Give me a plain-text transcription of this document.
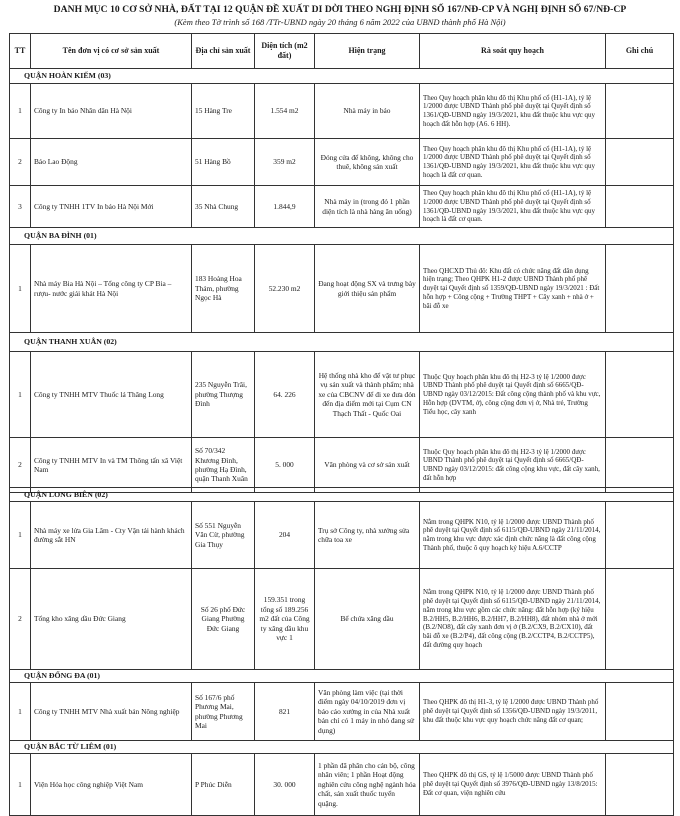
DANH MỤC 10 CƠ SỞ NHÀ, ĐẤT TẠI 12 QUẬN ĐỀ XUẤT DI DỜI THEO NGHỊ ĐỊNH SỐ 167/NĐ-CP VÀ NGHỊ ĐỊNH SỐ 67/NĐ-CP
(Kèm theo Tờ trình số 168 /TTr-UBND ngày 20 tháng 6 năm 2022 của UBND thành phố Hà Nội)
TT	Tên đơn vị có cơ sở sản xuất	Địa chỉ sản xuất	Diện tích (m2 đất)	Hiện trạng	Rà soát quy hoạch	Ghi chú
QUẬN HOÀN KIẾM (03)						
1	Công ty In báo Nhân dân Hà Nội	15 Hàng Tre	1.554 m2	Nhà máy in báo	Theo Quy hoạch phân khu đô thị Khu phố cổ (H1-1A), tỷ lệ 1/2000 được UBND Thành phố phê duyệt tại Quyết định số 1361/QĐ-UBND ngày 19/3/2021, khu đất thuộc khu vực quy hoạch đất hỗn hợp (A6. 6 HH).	
2	Báo Lao Động	51 Hàng Bồ	359 m2	Đóng cửa để không, không cho thuê, không sản xuất	Theo Quy hoạch phân khu đô thị Khu phố cổ (H1-1A), tỷ lệ 1/2000 được UBND Thành phố phê duyệt tại Quyết định số 1361/QĐ-UBND ngày 19/3/2021, khu đất thuộc khu vực quy hoạch là đất cơ quan.	
3	Công ty TNHH 1TV In báo Hà Nội Mới	35 Nhà Chung	1.844,9	Nhà máy in (trong đó 1 phần diện tích là nhà hàng ăn uống)	Theo Quy hoạch phân khu đô thị Khu phố cổ (H1-1A), tỷ lệ 1/2000 được UBND Thành phố phê duyệt tại Quyết định số 1361/QĐ-UBND ngày 19/3/2021, khu đất thuộc khu vực quy hoạch là đất cơ quan.	
QUẬN BA ĐÌNH (01)						
1	Nhà máy Bia Hà Nội – Tổng công ty CP Bia – rượu- nước giải khát Hà Nội	183 Hoàng Hoa Thám, phường Ngọc Hà	52.230 m2	Đang hoạt động SX và trưng bày giới thiệu sản phẩm	Theo QHCXD Thủ đô: Khu đất có chức năng đất dân dụng hiện trạng; Theo QHPK H1-2 được UBND Thành phố phê duyệt tại Quyết định số 1359/QĐ-UBND ngày 19/3/2021 : Đất hỗn hợp + Công cộng + Trường THPT + Cây xanh + nhà ở + bãi đỗ xe	
QUẬN THANH XUÂN (02)						
1	Công ty TNHH MTV Thuốc lá Thăng Long	235 Nguyễn Trãi, phường Thượng Đình	64. 226	Hệ thống nhà kho để vật tư phục vụ sản xuất và thành phẩm; nhà xe của CBCNV để đi xe đưa đón đến địa điểm mới tại Cụm CN Thạch Thất - Quốc Oai	Thuộc Quy hoạch phân khu đô thị H2-3 tỷ lệ 1/2000 được UBND Thành phố phê duyệt tại Quyết định số 6665/QĐ-UBND ngày 03/12/2015: Đất công cộng thành phố và khu vực, Hỗn hợp (DVTM, ở), công cộng đơn vị ở, Nhà trẻ, Trường Tiểu học, cây xanh	
2	Công ty TNHH MTV In và TM Thông tấn xã Việt Nam	Số 70/342 Khương Đình, phường Hạ Đình, quận Thanh Xuân	5. 000	Văn phòng và cơ sở sản xuất	Thuộc Quy hoạch phân khu đô thị H2-3 tỷ lệ 1/2000 được UBND Thành phố phê duyệt tại Quyết định số 6665/QĐ-UBND ngày 03/12/2015: đất công cộng khu vực, đất cây xanh, đất hỗn hợp	
QUẬN LONG BIÊN (02)						
1	Nhà máy xe lửa Gia Lâm - Cty Vận tải hành khách đường sắt HN	Số 551 Nguyễn Văn Cừ, phường Gia Thụy	204	Trụ sở Công ty, nhà xưởng sửa chữa toa xe	Nằm trong QHPK N10, tỷ lệ 1/2000 được UBND Thành phố phê duyệt tại Quyết định số 6115/QĐ-UBND ngày 21/11/2014, nằm trong khu vực được xác định chức năng là đất công cộng Thành phố, thuộc ô quy hoạch ký hiệu A.6/CCTP	
2	Tổng kho xăng dầu Đức Giang	Số 26 phố Đức Giang Phường Đức Giang	159.351 trong tổng số 189.256 m2 đất của Công ty xăng dầu khu vực 1	Bể chứa xăng dầu	Nằm trong QHPK N10, tỷ lệ 1/2000 được UBND Thành phố phê duyệt tại Quyết định số 6115/QĐ-UBND ngày 21/11/2014, nằm trong khu vực gồm các chức năng: đất hỗn hợp (ký hiệu B.2/HH5, B.2/HH6, B.2/HH7, B.2/HH8), đất nhóm nhà ở mới (B.2/NO8), đất cây xanh đơn vị ở (B.2/CX9, B.2/CX10), đất bãi đỗ xe (B.2/P4), đất công cộng (B.2/CCTP4, B.2/CCTP5), đất đường quy hoạch	
QUẬN ĐỐNG ĐA (01)						
1	Công ty TNHH MTV Nhà xuất bản Nông nghiệp	Số 167/6 phố Phương Mai, phường Phương Mai	821	Văn phòng làm việc (tại thời điểm ngày 04/10/2019 đơn vị báo cáo xưởng in của Nhà xuất bản chỉ có 1 máy in nhỏ đang sử dụng)	Theo QHPK đô thị H1-3, tỷ lệ 1/2000 được UBND Thành phố phê duyệt tại Quyết định số 1356/QĐ-UBND ngày 19/3/2011, khu đất thuộc khu vực quy hoạch chức năng đất cơ quan;	
QUẬN BẮC TỪ LIÊM (01)						
1	Viện Hóa học công nghiệp Việt Nam	P Phúc Diễn	30. 000	1 phần đã phân cho cán bộ, công nhân viên; 1 phần Hoạt động nghiên cứu công nghệ ngành hóa chất, sản xuất thuốc tuyển quặng.	Theo QHPK đô thị GS, tỷ lệ 1/5000 được UBND Thành phố phê duyệt tại Quyết định số 3976/QĐ-UBND ngày 13/8/2015: Đất cơ quan, viện nghiên cứu	
